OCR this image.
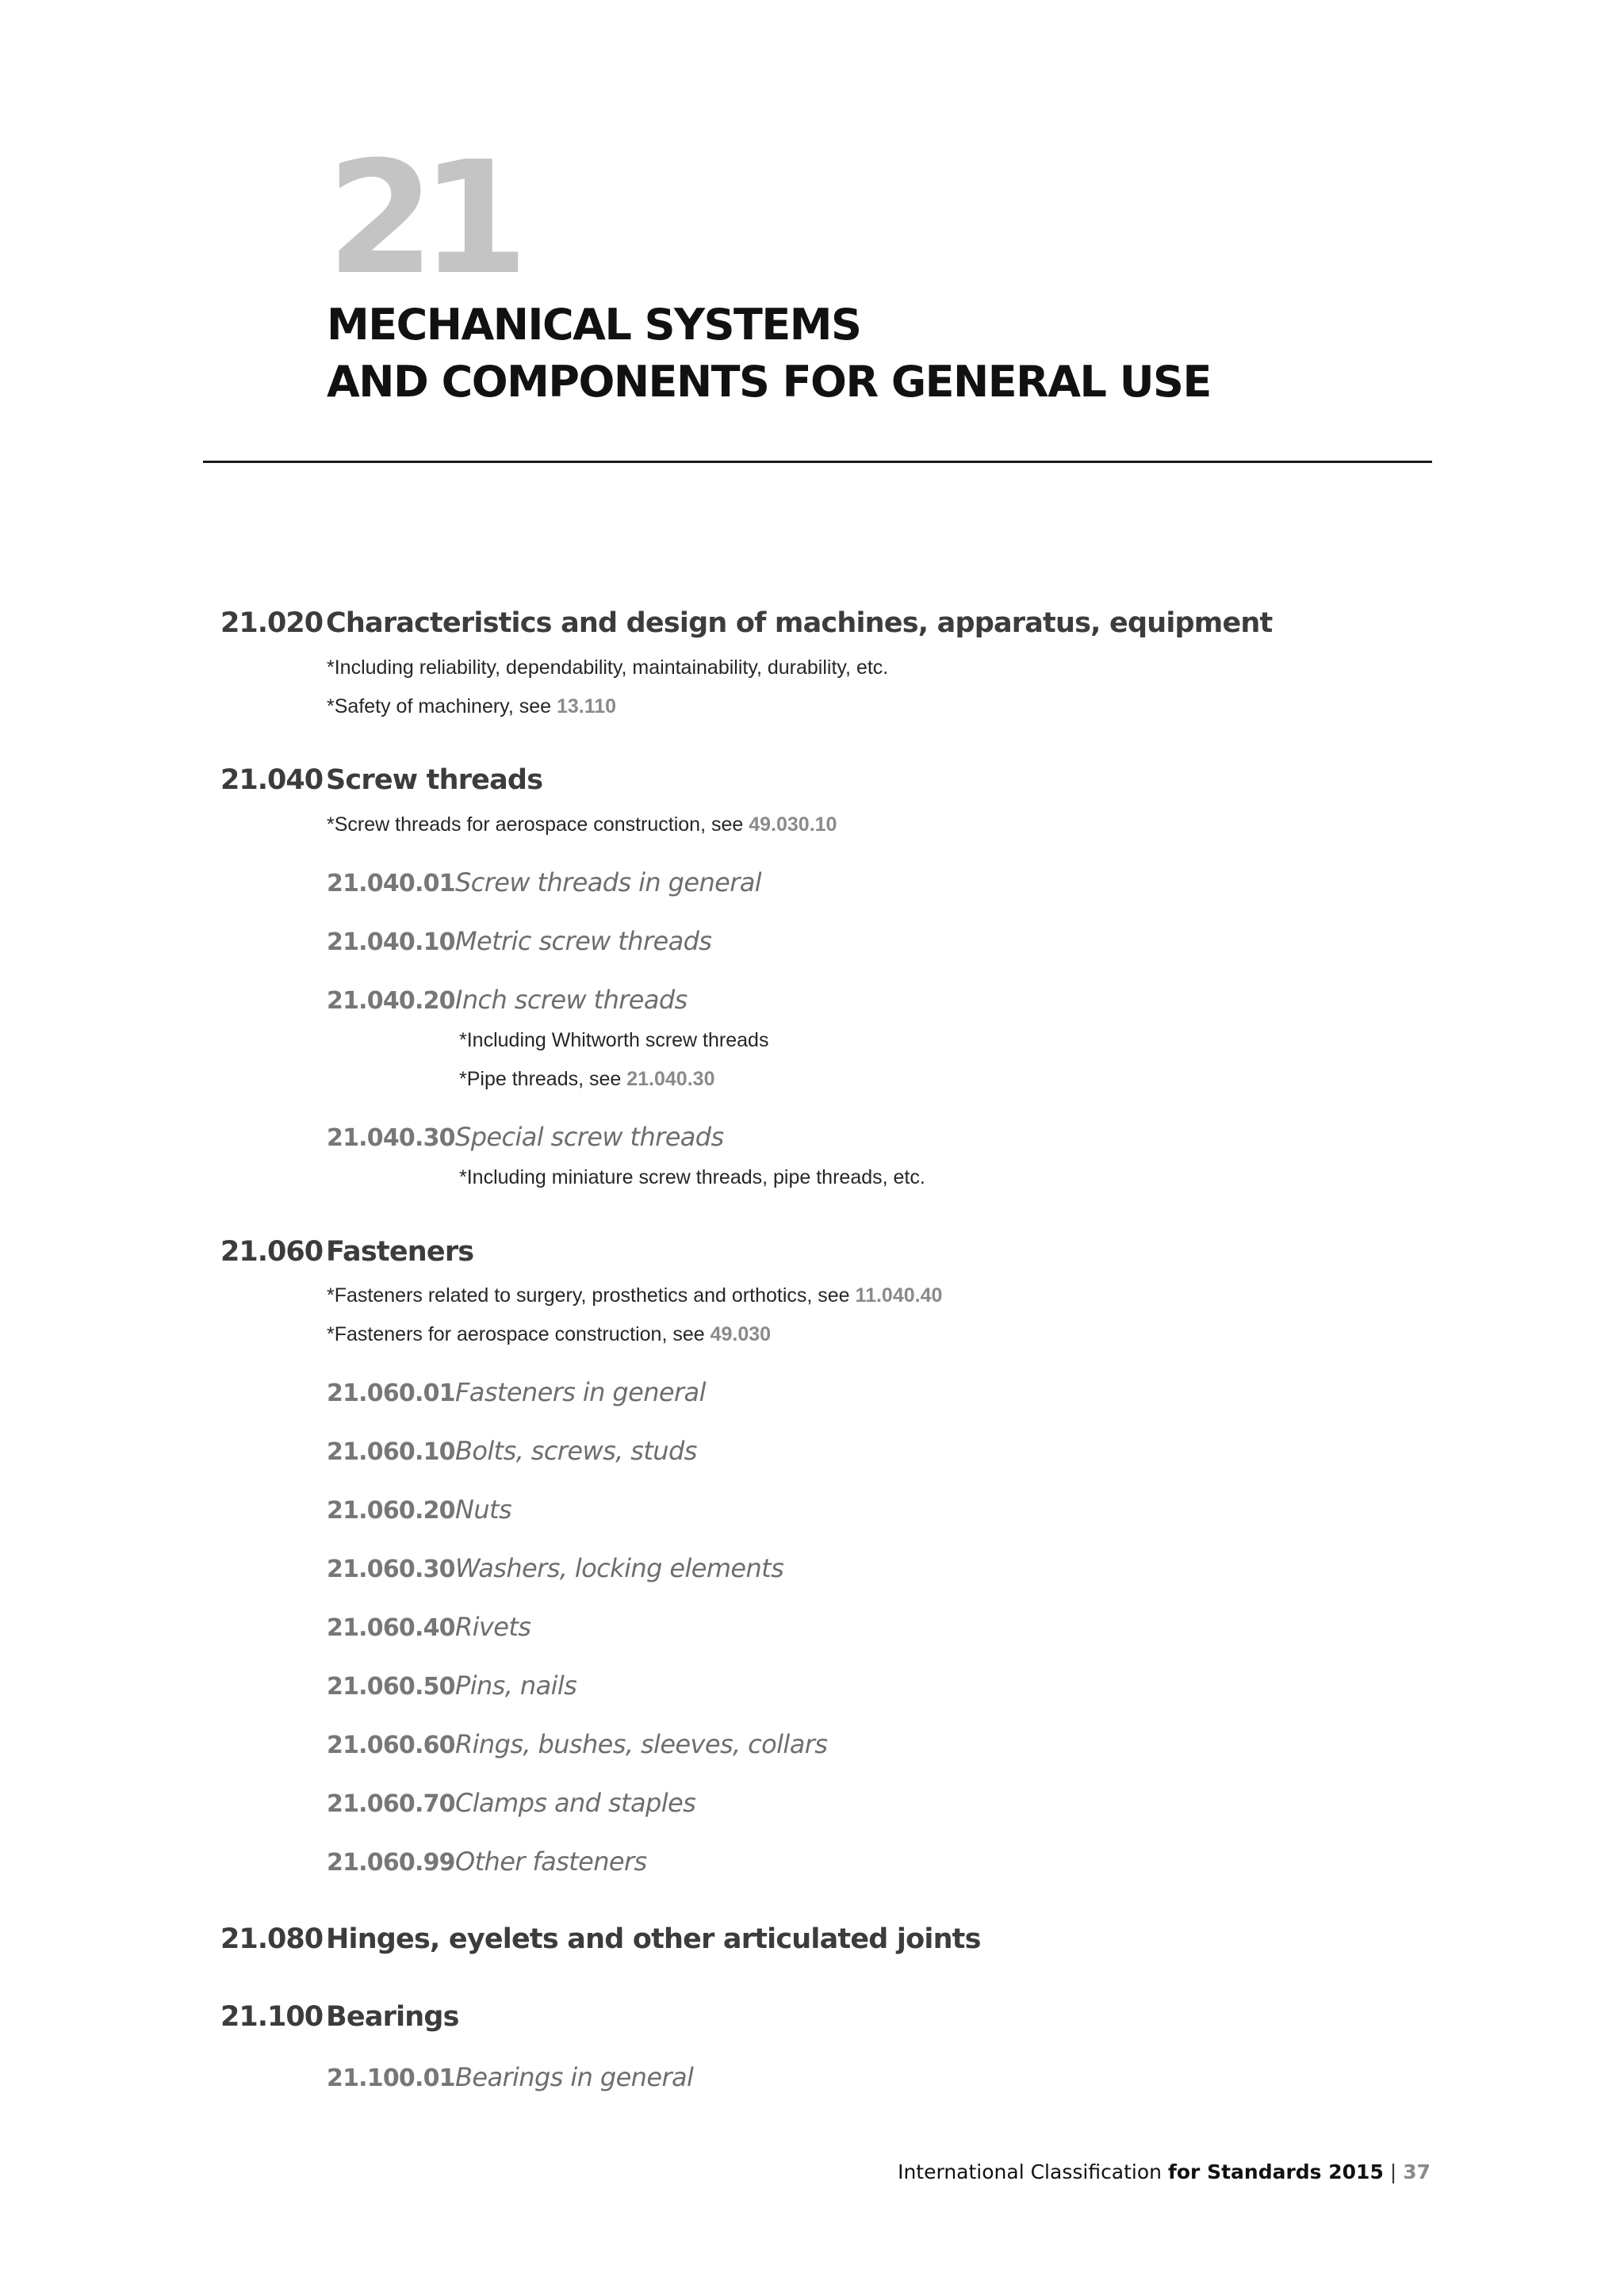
21
MECHANICAL SYSTEMS
AND COMPONENTS FOR GENERAL USE
21.020 Characteristics and design of machines, apparatus, equipment
*Including reliability, dependability, maintainability, durability, etc.
*Safety of machinery, see 13.110
21.040 Screw threads
*Screw threads for aerospace construction, see 49.030.10
21.040.01Screw threads in general
21.040.10Metric screw threads
21.040.20Inch screw threads
*Including Whitworth screw threads
*Pipe threads, see 21.040.30
21.040.30Special screw threads
*Including miniature screw threads, pipe threads, etc.
21.060 Fasteners
*Fasteners related to surgery, prosthetics and orthotics, see 11.040.40
*Fasteners for aerospace construction, see 49.030
21.060.01Fasteners in general
21.060.10Bolts, screws, studs
21.060.20Nuts
21.060.30Washers, locking elements
21.060.40Rivets
21.060.50Pins, nails
21.060.60Rings, bushes, sleeves, collars
21.060.70Clamps and staples
21.060.99Other fasteners
21.080 Hinges, eyelets and other articulated joints
21.100 Bearings
21.100.01Bearings in general
International Classification for Standards 2015 | 37
